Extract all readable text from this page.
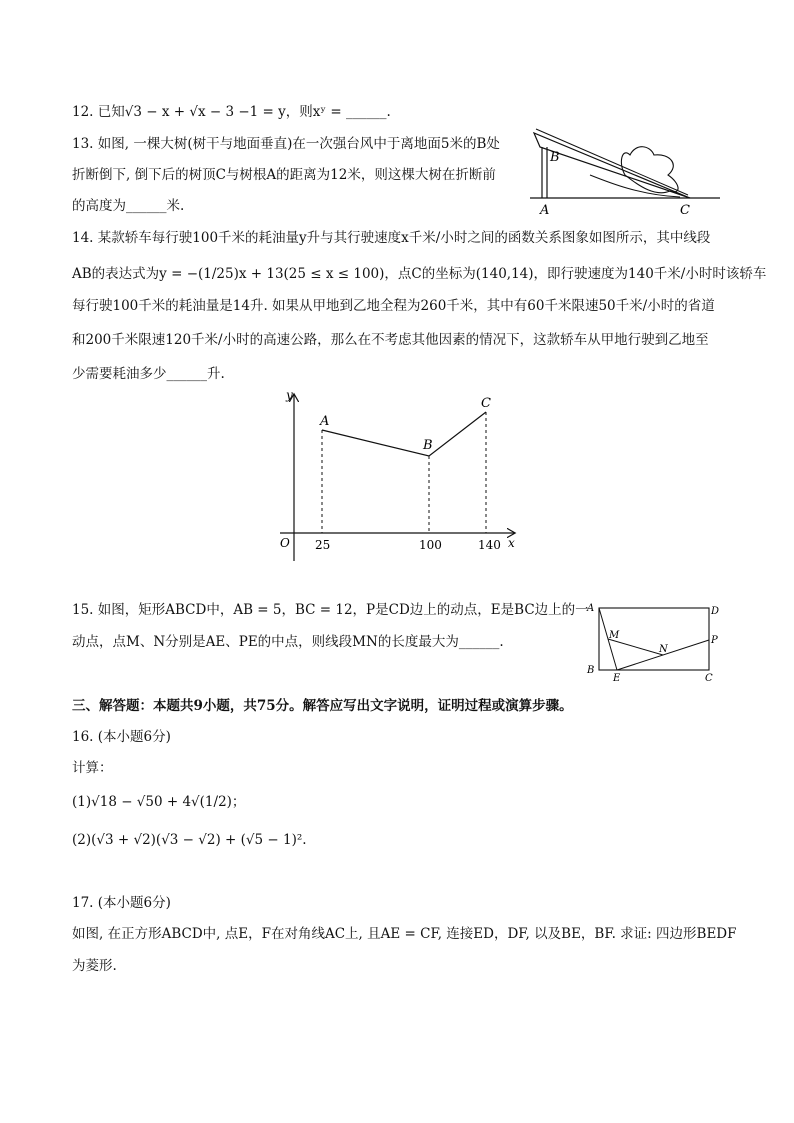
12. 已知√3 − x + √x − 3 −1 = y，则xʸ = ______.
13. 如图, 一棵大树(树干与地面垂直)在一次强台风中于离地面5米的B处
折断倒下, 倒下后的树顶C与树根A的距离为12米，则这棵大树在折断前
的高度为______米.
B
A	C
14. 某款轿车每行驶100千米的耗油量y升与其行驶速度x千米/小时之间的函数关系图象如图所示，其中线段
AB的表达式为y = −(1/25)x + 13(25 ≤ x ≤ 100)，点C的坐标为(140,14)，即行驶速度为140千米/小时时该轿车
每行驶100千米的耗油量是14升. 如果从甲地到乙地全程为260千米，其中有60千米限速50千米/小时的省道
和200千米限速120千米/小时的高速公路，那么在不考虑其他因素的情况下，这款轿车从甲地行驶到乙地至
少需要耗油多少______升.
y
x
O
A
B
C
25	100	140
15. 如图，矩形ABCD中，AB = 5，BC = 12，P是CD边上的动点，E是BC边上的一
动点，点M、N分别是AE、PE的中点，则线段MN的长度最大为______.
A	D
M
N
P
B
E	C
三、解答题：本题共9小题，共75分。解答应写出文字说明，证明过程或演算步骤。
16. (本小题6分)
计算：
(1)√18 − √50 + 4√(1/2)；
(2)(√3 + √2)(√3 − √2) + (√5 − 1)².
17. (本小题6分)
如图, 在正方形ABCD中, 点E，F在对角线AC上, 且AE = CF, 连接ED，DF, 以及BE，BF. 求证: 四边形BEDF
为菱形.
